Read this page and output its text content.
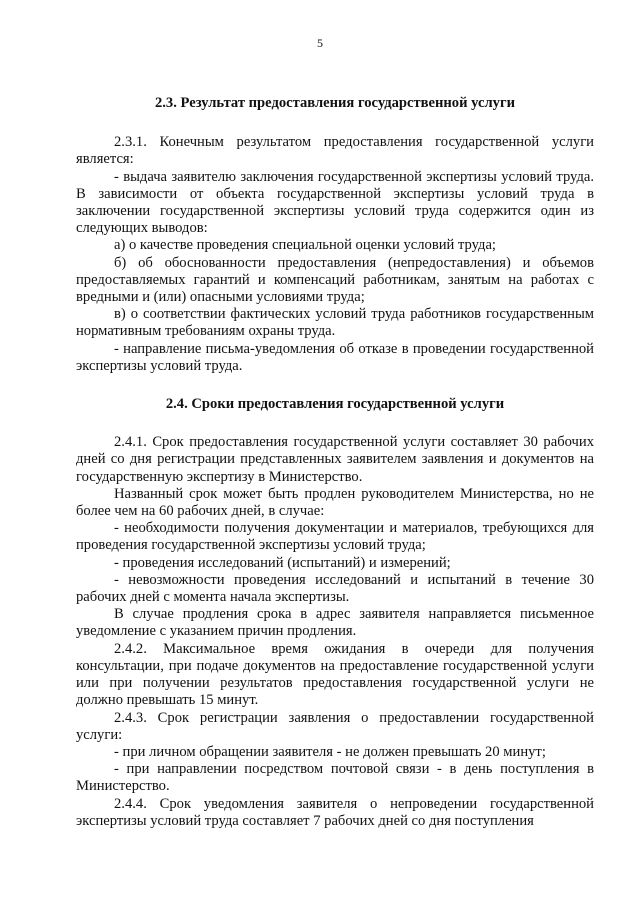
5
2.3. Результат предоставления государственной услуги

2.3.1. Конечным результатом предоставления государственной услуги является:

- выдача заявителю заключения государственной экспертизы условий труда. В зависимости от объекта государственной экспертизы условий труда в заключении государственной экспертизы условий труда содержится один из следующих выводов:

а) о качестве проведения специальной оценки условий труда;

б) об обоснованности предоставления (непредоставления) и объемов предоставляемых гарантий и компенсаций работникам, занятым на работах с вредными и (или) опасными условиями труда;

в) о соответствии фактических условий труда работников государственным нормативным требованиям охраны труда.

- направление письма-уведомления об отказе в проведении государственной экспертизы условий труда.

2.4. Сроки предоставления государственной услуги

2.4.1. Срок предоставления государственной услуги составляет 30 рабочих дней со дня регистрации представленных заявителем заявления и документов на государственную экспертизу в Министерство.

Названный срок может быть продлен руководителем Министерства, но не более чем на 60 рабочих дней, в случае:

- необходимости получения документации и материалов, требующихся для проведения государственной экспертизы условий труда;

- проведения исследований (испытаний) и измерений;

- невозможности проведения исследований и испытаний в течение 30 рабочих дней с момента начала экспертизы.

В случае продления срока в адрес заявителя направляется письменное уведомление с указанием причин продления.

2.4.2. Максимальное время ожидания в очереди для получения консультации, при подаче документов на предоставление государственной услуги или при получении результатов предоставления государственной услуги не должно превышать 15 минут.

2.4.3. Срок регистрации заявления о предоставлении государственной услуги:

- при личном обращении заявителя - не должен превышать 20 минут;

- при направлении посредством почтовой связи - в день поступления в Министерство.

2.4.4. Срок уведомления заявителя о непроведении государственной экспертизы условий труда составляет 7 рабочих дней со дня поступления
